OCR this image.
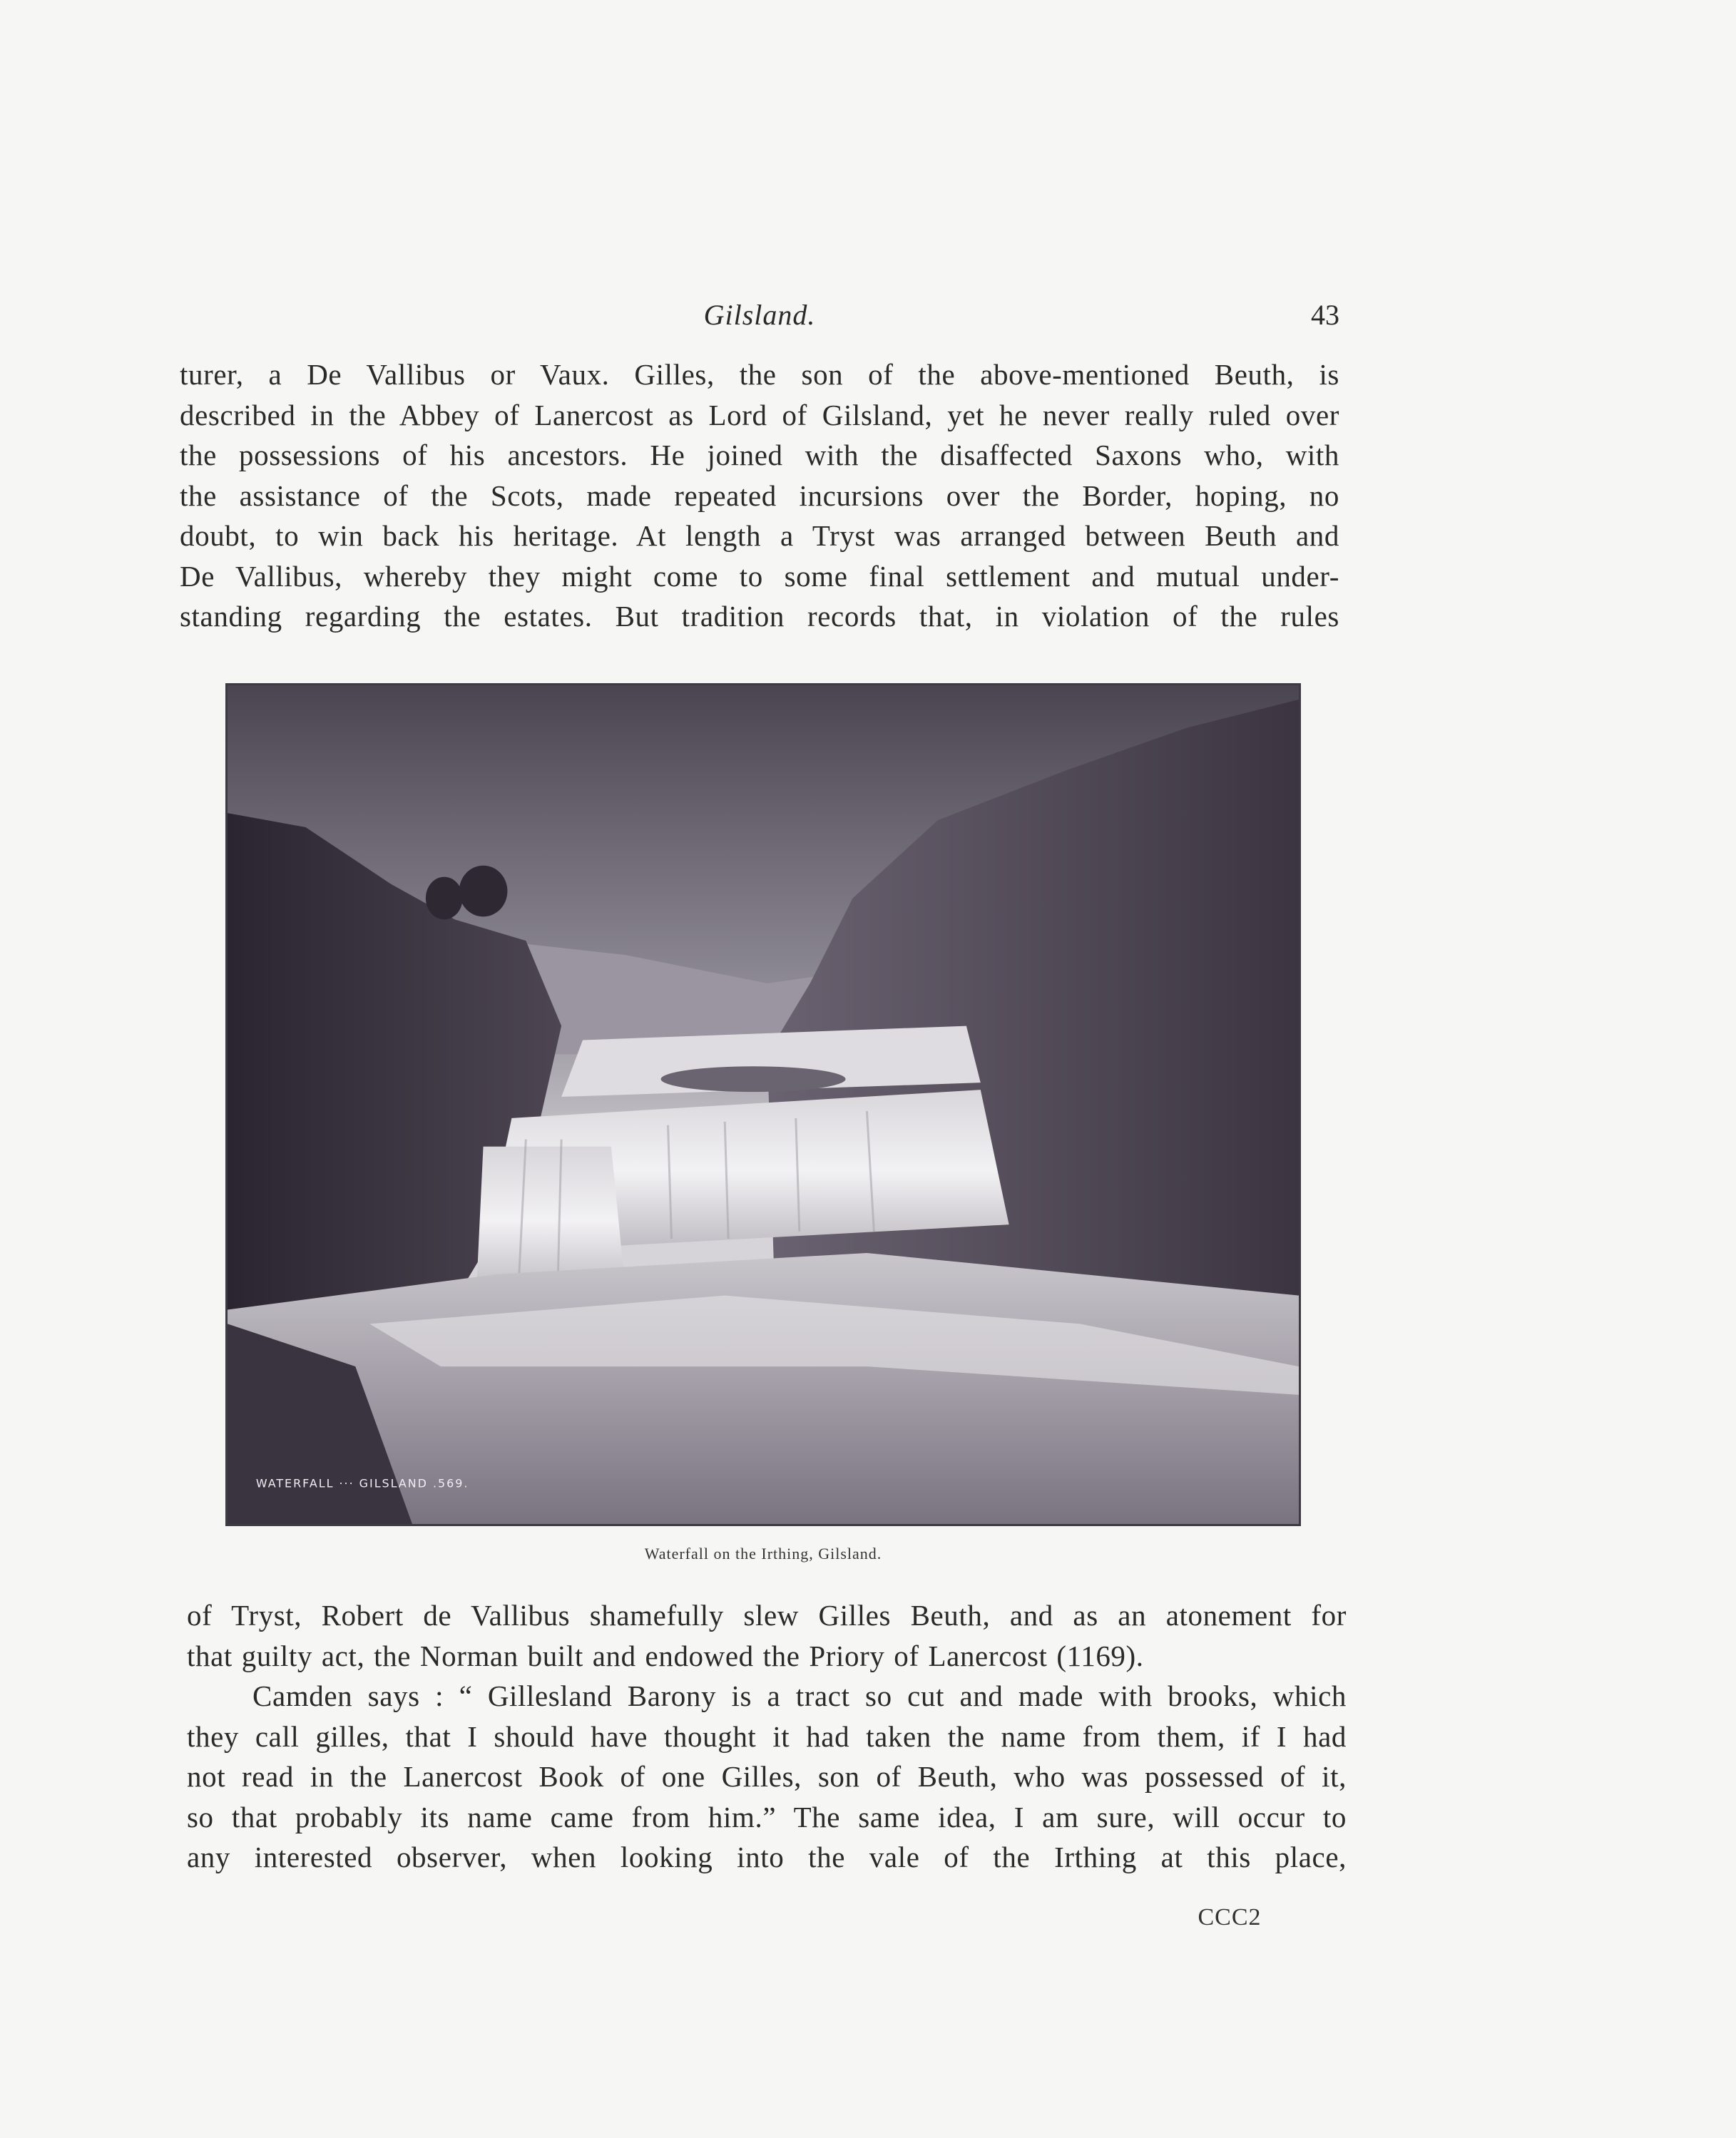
Gilsland.	43

turer, a De Vallibus or Vaux. Gilles, the son of the above-mentioned Beuth, is

described in the Abbey of Lanercost as Lord of Gilsland, yet he never really ruled over

the possessions of his ancestors. He joined with the disaffected Saxons who, with

the assistance of the Scots, made repeated incursions over the Border, hoping, no

doubt, to win back his heritage. At length a Tryst was arranged between Beuth and

De Vallibus, whereby they might come to some final settlement and mutual under-

standing regarding the estates. But tradition records that, in violation of the rules

WATERFALL ··· GILSLAND .569.
Waterfall on the Irthing, Gilsland.

of Tryst, Robert de Vallibus shamefully slew Gilles Beuth, and as an atonement for

that guilty act, the Norman built and endowed the Priory of Lanercost (1169).

Camden says : “ Gillesland Barony is a tract so cut and made with brooks, which

they call gilles, that I should have thought it had taken the name from them, if I had

not read in the Lanercost Book of one Gilles, son of Beuth, who was possessed of it,

so that probably its name came from him.” The same idea, I am sure, will occur to

any interested observer, when looking into the vale of the Irthing at this place,

CCC2
